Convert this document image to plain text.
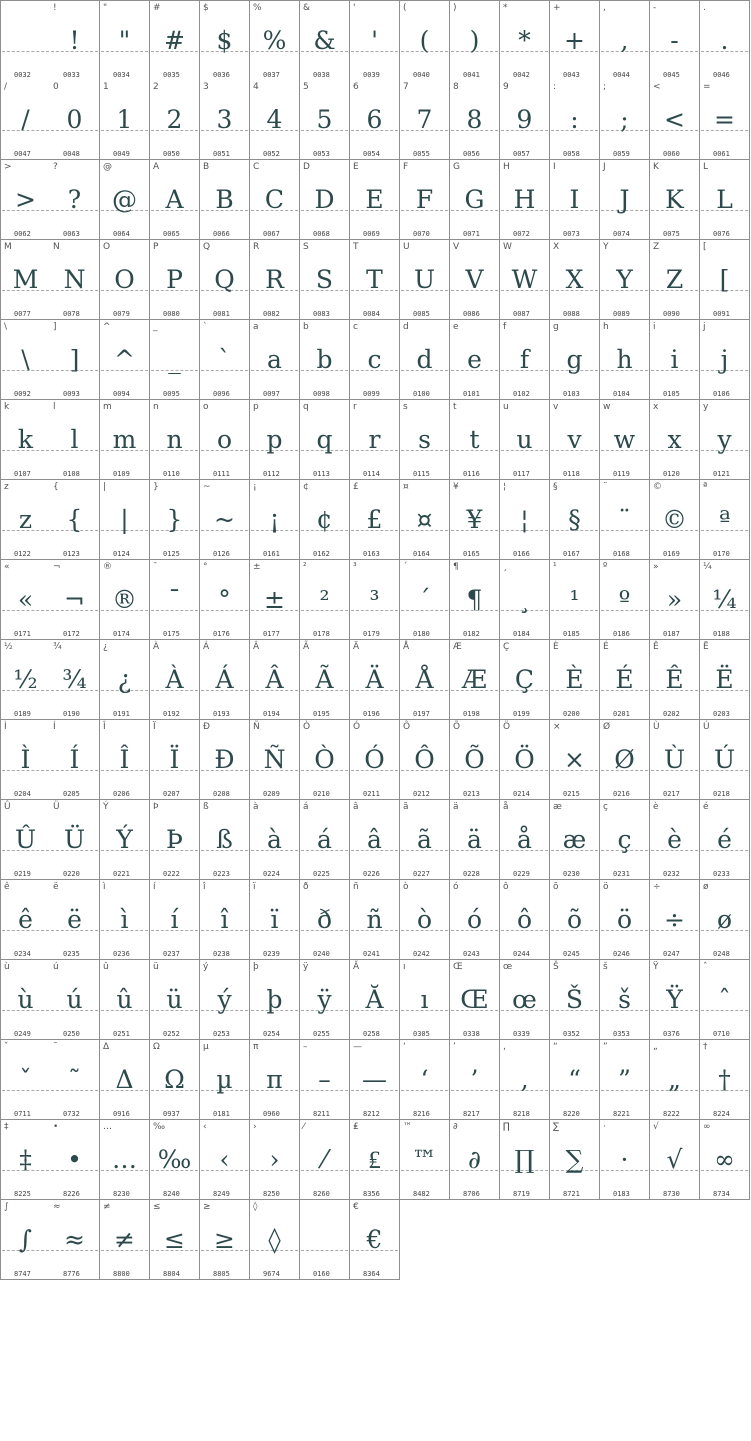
0032
!
!
0033
"
"
0034
#
#
0035
$
$
0036
%
%
0037
&
&
0038
'
'
0039
(
(
0040
)
)
0041
*
*
0042
+
+
0043
,
,
0044
-
-
0045
.
.
0046
/
/
0047
0
0
0048
1
1
0049
2
2
0050
3
3
0051
4
4
0052
5
5
0053
6
6
0054
7
7
0055
8
8
0056
9
9
0057
:
:
0058
;
;
0059
<
<
0060
=
=
0061
>
>
0062
?
?
0063
@
@
0064
A
A
0065
B
B
0066
C
C
0067
D
D
0068
E
E
0069
F
F
0070
G
G
0071
H
H
0072
I
I
0073
J
J
0074
K
K
0075
L
L
0076
M
M
0077
N
N
0078
O
O
0079
P
P
0080
Q
Q
0081
R
R
0082
S
S
0083
T
T
0084
U
U
0085
V
V
0086
W
W
0087
X
X
0088
Y
Y
0089
Z
Z
0090
[
[
0091
\
\
0092
]
]
0093
^
^
0094
_
_
0095
`
`
0096
a
a
0097
b
b
0098
c
c
0099
d
d
0100
e
e
0101
f
f
0102
g
g
0103
h
h
0104
i
i
0105
j
j
0106
k
k
0107
l
l
0108
m
m
0109
n
n
0110
o
o
0111
p
p
0112
q
q
0113
r
r
0114
s
s
0115
t
t
0116
u
u
0117
v
v
0118
w
w
0119
x
x
0120
y
y
0121
z
z
0122
{
{
0123
|
|
0124
}
}
0125
~
~
0126
¡
¡
0161
¢
¢
0162
£
£
0163
¤
¤
0164
¥
¥
0165
¦
¦
0166
§
§
0167
¨
¨
0168
©
©
0169
ª
ª
0170
«
«
0171
¬
¬
0172
®
®
0174
¯
¯
0175
°
°
0176
±
±
0177
²
²
0178
³
³
0179
´
´
0180
¶
¶
0182
¸
¸
0184
¹
¹
0185
º
º
0186
»
»
0187
¼
¼
0188
½
½
0189
¾
¾
0190
¿
¿
0191
À
À
0192
Á
Á
0193
Â
Â
0194
Ã
Ã
0195
Ä
Ä
0196
Å
Å
0197
Æ
Æ
0198
Ç
Ç
0199
È
È
0200
É
É
0201
Ê
Ê
0202
Ë
Ë
0203
Ì
Ì
0204
Í
Í
0205
Î
Î
0206
Ï
Ï
0207
Ð
Ð
0208
Ñ
Ñ
0209
Ò
Ò
0210
Ó
Ó
0211
Ô
Ô
0212
Õ
Õ
0213
Ö
Ö
0214
×
×
0215
Ø
Ø
0216
Ù
Ù
0217
Ú
Ú
0218
Û
Û
0219
Ü
Ü
0220
Ý
Ý
0221
Þ
Þ
0222
ß
ß
0223
à
à
0224
á
á
0225
â
â
0226
ã
ã
0227
ä
ä
0228
å
å
0229
æ
æ
0230
ç
ç
0231
è
è
0232
é
é
0233
ê
ê
0234
ë
ë
0235
ì
ì
0236
í
í
0237
î
î
0238
ï
ï
0239
ð
ð
0240
ñ
ñ
0241
ò
ò
0242
ó
ó
0243
ô
ô
0244
õ
õ
0245
ö
ö
0246
÷
÷
0247
ø
ø
0248
ù
ù
0249
ú
ú
0250
û
û
0251
ü
ü
0252
ý
ý
0253
þ
þ
0254
ÿ
ÿ
0255
Ă
Ă
0258
ı
ı
0305
Œ
Œ
0338
œ
œ
0339
Š
Š
0352
š
š
0353
Ÿ
Ÿ
0376
ˆ
ˆ
0710
ˇ
ˇ
0711
˜
˜
0732
Δ
Δ
0916
Ω
Ω
0937
µ
µ
0181
π
π
0960
–
–
8211
—
—
8212
‘
‘
8216
’
’
8217
‚
‚
8218
“
“
8220
”
”
8221
„
„
8222
†
†
8224
‡
‡
8225
•
•
8226
…
…
8230
‰
‰
8240
‹
‹
8249
›
›
8250
⁄
⁄
8260
₤
₤
8356
™
™
8482
∂
∂
8706
∏
∏
8719
∑
∑
8721
·
·
0183
√
√
8730
∞
∞
8734
∫
∫
8747
≈
≈
8776
≠
≠
8800
≤
≤
8804
≥
≥
8805
◊
◊
9674	0160
€
€
8364
